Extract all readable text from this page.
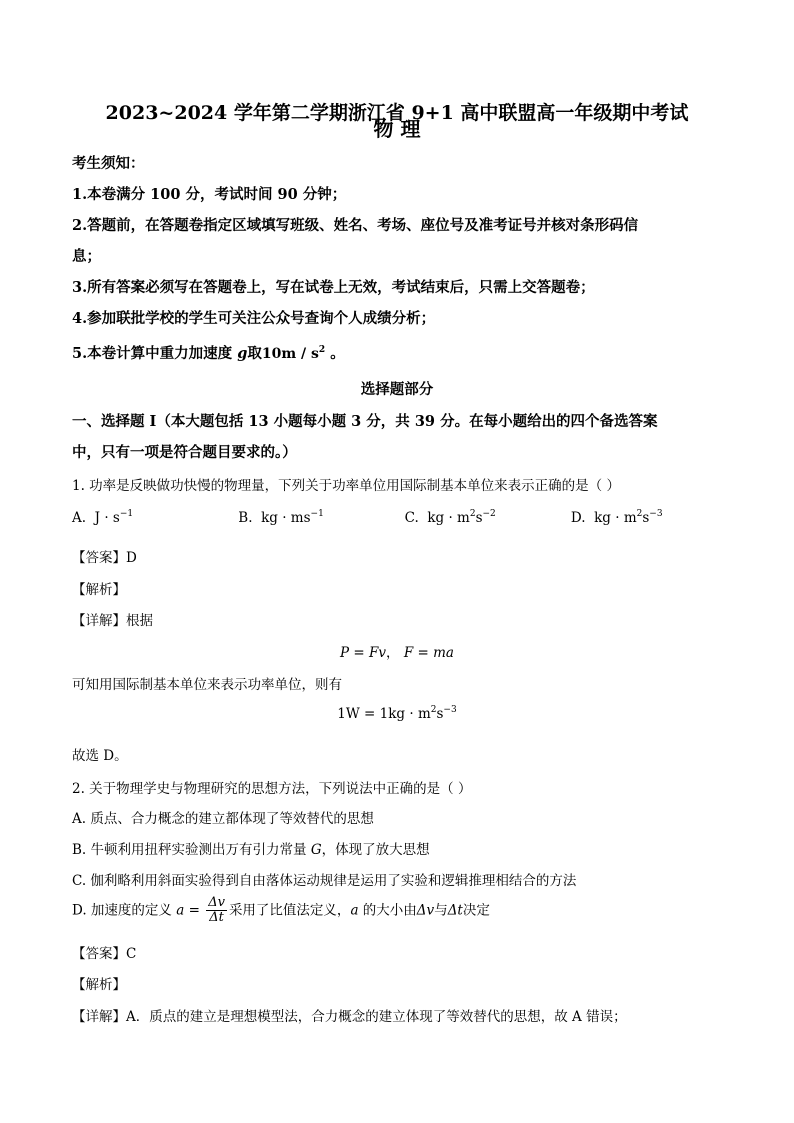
2023~2024 学年第二学期浙江省 9+1 高中联盟高一年级期中考试
物 理
考生须知：
1.本卷满分 100 分，考试时间 90 分钟；
2.答题前，在答题卷指定区域填写班级、姓名、考场、座位号及准考证号并核对条形码信
息；
3.所有答案必须写在答题卷上，写在试卷上无效，考试结束后，只需上交答题卷；
4.参加联批学校的学生可关注公众号查询个人成绩分析；
5.本卷计算中重力加速度 g取$10m / s^2$ 。
选择题部分
一、选择题 I（本大题包括 13 小题每小题 3 分，共 39 分。在每小题给出的四个备选答案
中，只有一项是符合题目要求的。）
1. 功率是反映做功快慢的物理量，下列关于功率单位用国际制基本单位来表示正确的是（ ）
A. $J \cdot s^{-1}$	B. kg · $ms^{-1}$	C. kg · $m^2s^{-2}$	D. kg · $m^2s^{-3}$
【答案】D
【解析】
【详解】根据
P = Fv， F = ma
可知用国际制基本单位来表示功率单位，则有
$1W = 1kg \cdot m^2s^{-3}$
故选 D。
2. 关于物理学史与物理研究的思想方法，下列说法中正确的是（ ）
A. 质点、合力概念的建立都体现了等效替代的思想
B. 牛顿利用扭秤实验测出万有引力常量 G，体现了放大思想
C. 伽利略利用斜面实验得到自由落体运动规律是运用了实验和逻辑推理相结合的方法
D. 加速度的定义 $a = \frac{\Delta v}{\Delta t}$ 采用了比值法定义，a 的大小由Δv与Δt决定
【答案】C
【解析】
【详解】A．质点的建立是理想模型法，合力概念的建立体现了等效替代的思想，故 A 错误；
